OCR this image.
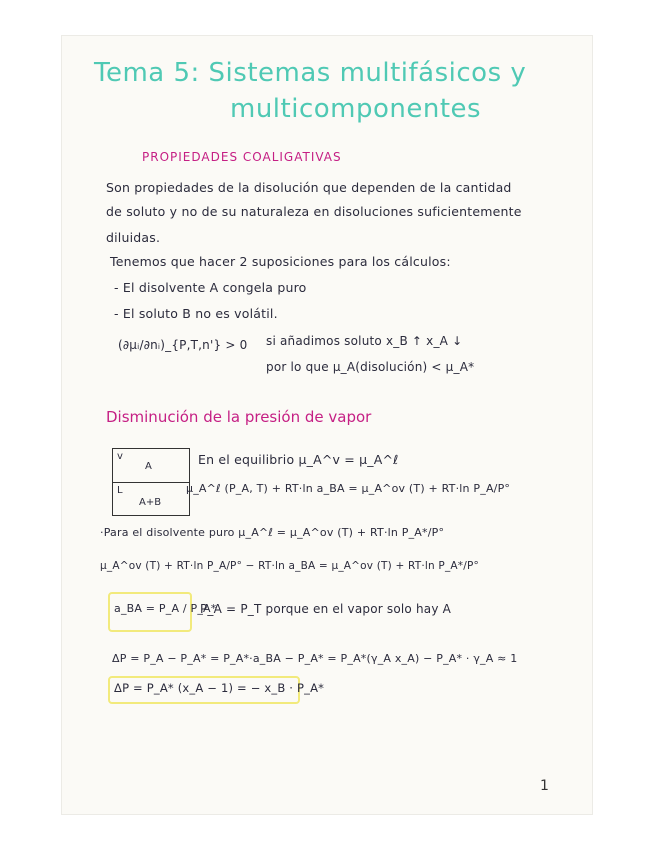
Tema 5: Sistemas multifásicos y
multicomponentes
PROPIEDADES COALIGATIVAS
Son propiedades de la disolución que dependen de la cantidad
de soluto y no de su naturaleza en disoluciones suficientemente
diluidas.
Tenemos que hacer 2 suposiciones para los cálculos:
- El disolvente A congela puro
- El soluto B no es volátil.
(∂μᵢ/∂nᵢ)_{P,T,n'} > 0 si añadimos soluto x_B ↑ x_A ↓
por lo que μ_A(disolución) < μ_A*
Disminución de la presión de vapor
v
A
L
A+B
En el equilibrio μ_A^v = μ_A^ℓ
μ_A^ℓ (P_A, T) + RT·ln a_BA = μ_A^ov (T) + RT·ln P_A/P°
·Para el disolvente puro μ_A^ℓ = μ_A^ov (T) + RT·ln P_A*/P°
μ_A^ov (T) + RT·ln P_A/P° − RT·ln a_BA = μ_A^ov (T) + RT·ln P_A*/P°
a_BA = P_A / P_A*
P_A = P_T porque en el vapor solo hay A
ΔP = P_A − P_A* = P_A*·a_BA − P_A* = P_A*(γ_A x_A) − P_A* · γ_A ≈ 1
ΔP = P_A* (x_A − 1) = − x_B · P_A*
1
